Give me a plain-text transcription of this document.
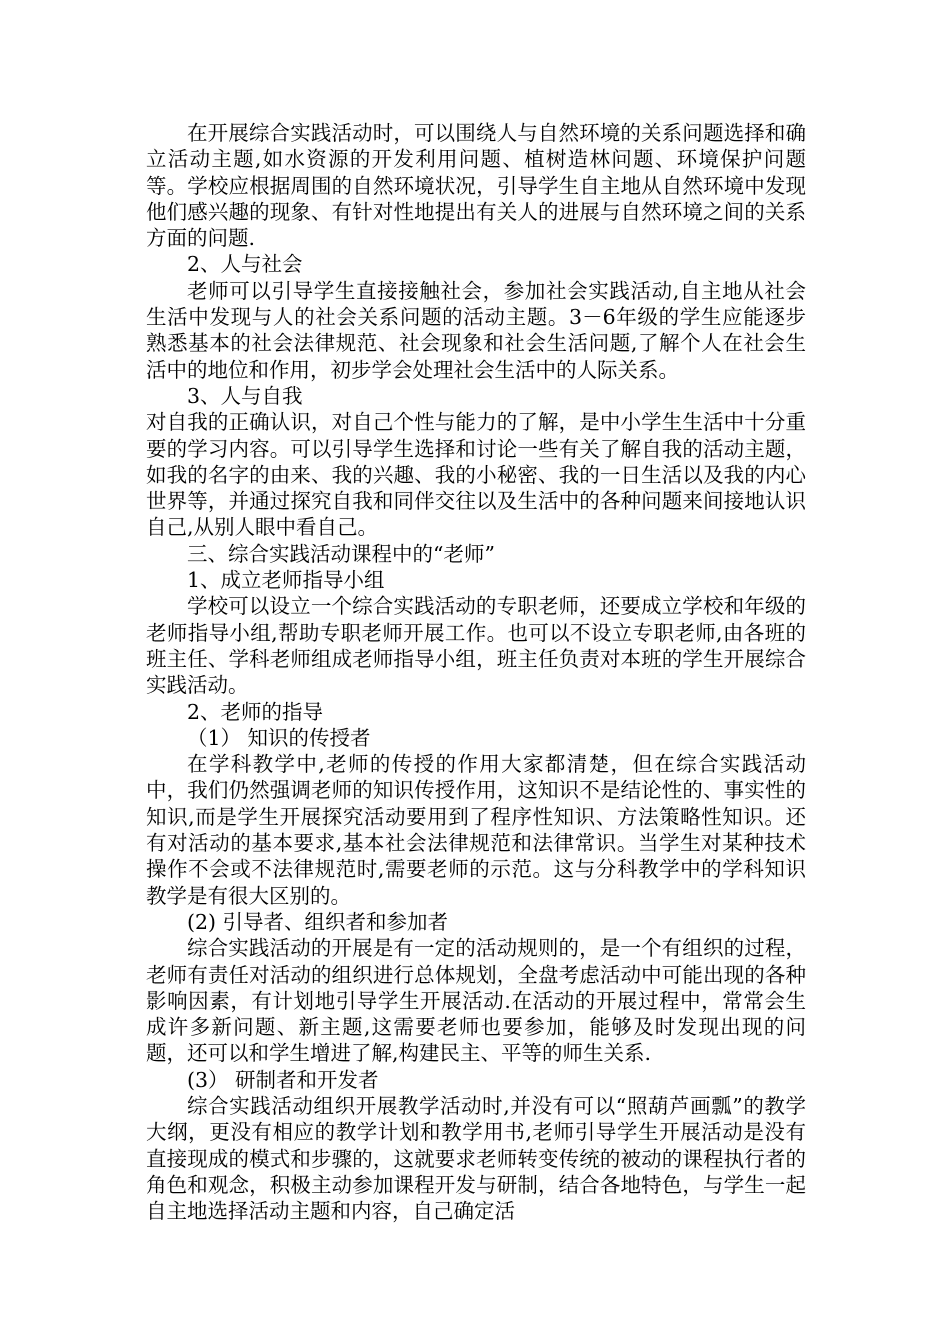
在开展综合实践活动时，可以围绕人与自然环境的关系问题选择和确立活动主题,如水资源的开发利用问题、植树造林问题、环境保护问题等。学校应根据周围的自然环境状况，引导学生自主地从自然环境中发现他们感兴趣的现象、有针对性地提出有关人的进展与自然环境之间的关系方面的问题.

2、人与社会

老师可以引导学生直接接触社会，参加社会实践活动,自主地从社会生活中发现与人的社会关系问题的活动主题。3－6年级的学生应能逐步熟悉基本的社会法律规范、社会现象和社会生活问题,了解个人在社会生活中的地位和作用，初步学会处理社会生活中的人际关系。

3、人与自我

对自我的正确认识，对自己个性与能力的了解，是中小学生生活中十分重要的学习内容。可以引导学生选择和讨论一些有关了解自我的活动主题，如我的名字的由来、我的兴趣、我的小秘密、我的一日生活以及我的内心世界等，并通过探究自我和同伴交往以及生活中的各种问题来间接地认识自己,从别人眼中看自己。

三、综合实践活动课程中的“老师”

1、成立老师指导小组

学校可以设立一个综合实践活动的专职老师，还要成立学校和年级的老师指导小组,帮助专职老师开展工作。也可以不设立专职老师,由各班的班主任、学科老师组成老师指导小组，班主任负责对本班的学生开展综合实践活动。

2、老师的指导

（1） 知识的传授者

在学科教学中,老师的传授的作用大家都清楚，但在综合实践活动中，我们仍然强调老师的知识传授作用，这知识不是结论性的、事实性的知识,而是学生开展探究活动要用到了程序性知识、方法策略性知识。还有对活动的基本要求,基本社会法律规范和法律常识。当学生对某种技术操作不会或不法律规范时,需要老师的示范。这与分科教学中的学科知识教学是有很大区别的。

(2) 引导者、组织者和参加者

综合实践活动的开展是有一定的活动规则的，是一个有组织的过程，老师有责任对活动的组织进行总体规划，全盘考虑活动中可能出现的各种影响因素，有计划地引导学生开展活动.在活动的开展过程中，常常会生成许多新问题、新主题,这需要老师也要参加，能够及时发现出现的问题，还可以和学生增进了解,构建民主、平等的师生关系.

(3） 研制者和开发者

综合实践活动组织开展教学活动时,并没有可以“照葫芦画瓢”的教学大纲，更没有相应的教学计划和教学用书,老师引导学生开展活动是没有直接现成的模式和步骤的，这就要求老师转变传统的被动的课程执行者的角色和观念，积极主动参加课程开发与研制，结合各地特色，与学生一起自主地选择活动主题和内容，自己确定活
